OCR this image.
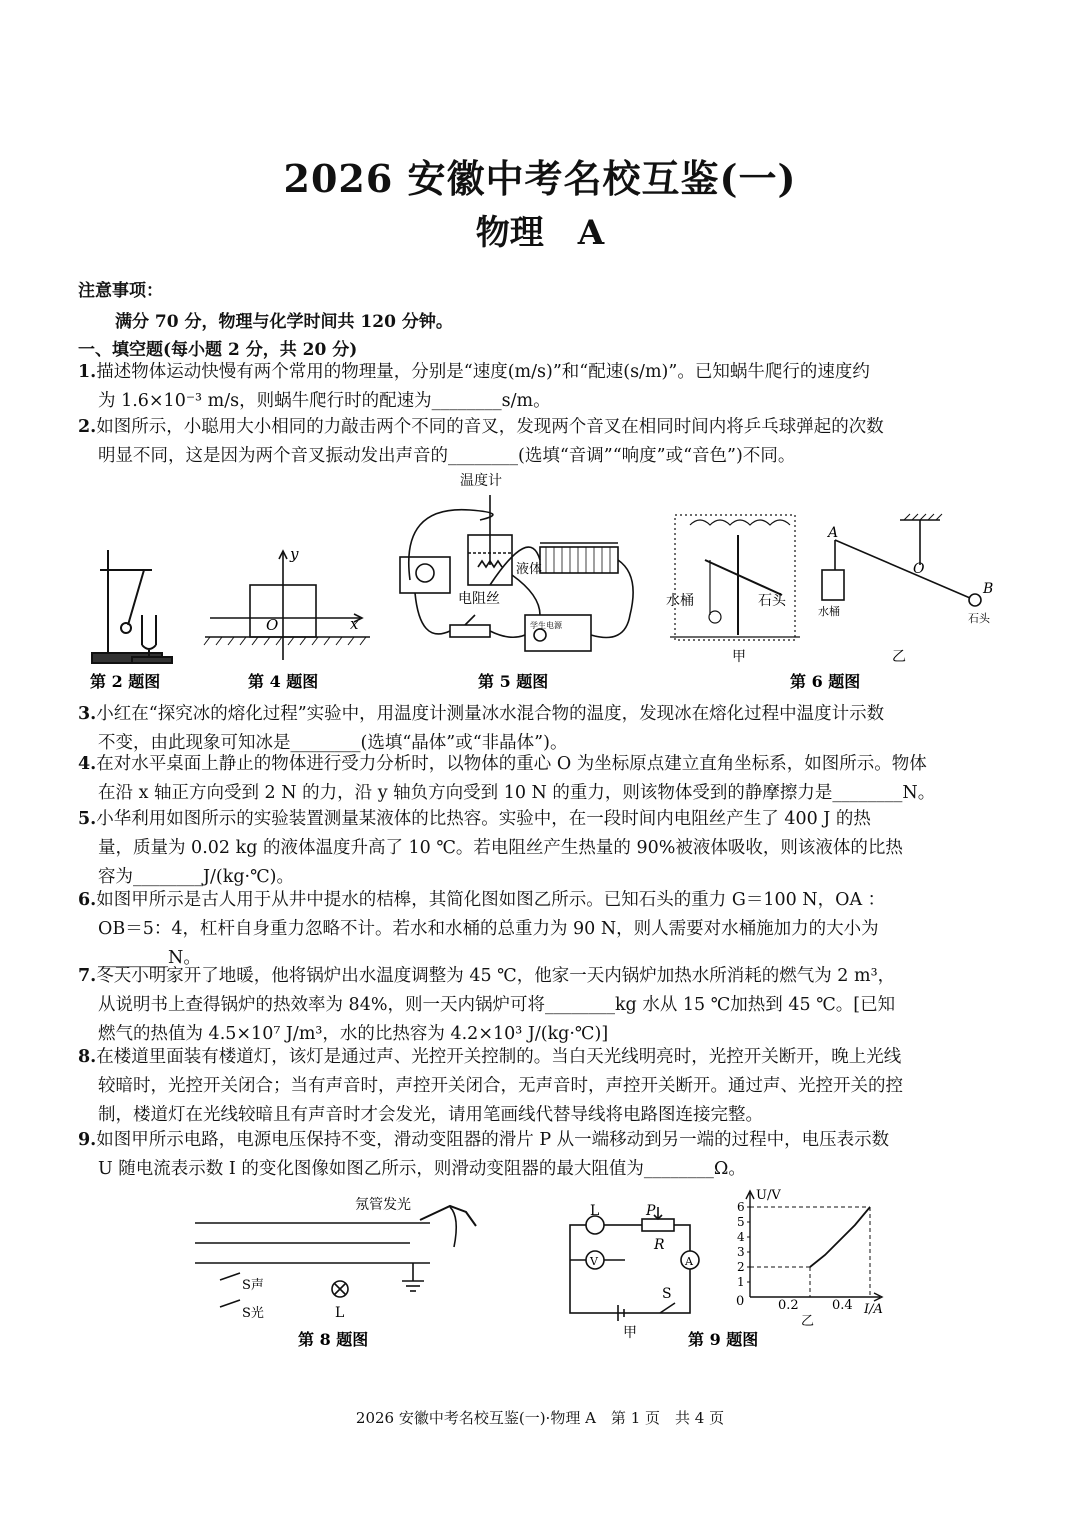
2026 安徽中考名校互鉴(一)
物理　A
注意事项：
满分 70 分，物理与化学时间共 120 分钟。
一、填空题(每小题 2 分，共 20 分)
1.描述物体运动快慢有两个常用的物理量，分别是“速度(m/s)”和“配速(s/m)”。已知蜗牛爬行的速度约
为 1.6×10⁻³ m/s，则蜗牛爬行时的配速为________s/m。
2.如图所示，小聪用大小相同的力敲击两个不同的音叉，发现两个音叉在相同时间内将乒乓球弹起的次数
明显不同，这是因为两个音叉振动发出声音的________(选填“音调”“响度”或“音色”)不同。
第 2 题图
y
x
O
第 4 题图
温度计
液体
电阻丝
学生电源
第 5 题图
水桶	石头
甲
A
O
B
水桶
石头
乙
第 6 题图
3.小红在“探究冰的熔化过程”实验中，用温度计测量冰水混合物的温度，发现冰在熔化过程中温度计示数
不变，由此现象可知冰是________(选填“晶体”或“非晶体”)。
4.在对水平桌面上静止的物体进行受力分析时，以物体的重心 O 为坐标原点建立直角坐标系，如图所示。物体
在沿 x 轴正方向受到 2 N 的力，沿 y 轴负方向受到 10 N 的重力，则该物体受到的静摩擦力是________N。
5.小华利用如图所示的实验装置测量某液体的比热容。实验中，在一段时间内电阻丝产生了 400 J 的热
量，质量为 0.02 kg 的液体温度升高了 10 ℃。若电阻丝产生热量的 90%被液体吸收，则该液体的比热
容为________J/(kg·℃)。
6.如图甲所示是古人用于从井中提水的桔槔，其简化图如图乙所示。已知石头的重力 G＝100 N，OA ：
OB＝5：4，杠杆自身重力忽略不计。若水和水桶的总重力为 90 N，则人需要对水桶施加力的大小为
________N。
7.冬天小明家开了地暖，他将锅炉出水温度调整为 45 ℃，他家一天内锅炉加热水所消耗的燃气为 2 m³，
从说明书上查得锅炉的热效率为 84%，则一天内锅炉可将________kg 水从 15 ℃加热到 45 ℃。[已知
燃气的热值为 4.5×10⁷ J/m³，水的比热容为 4.2×10³ J/(kg·℃)]
8.在楼道里面装有楼道灯，该灯是通过声、光控开关控制的。当白天光线明亮时，光控开关断开，晚上光线
较暗时，光控开关闭合；当有声音时，声控开关闭合，无声音时，声控开关断开。通过声、光控开关的控
制，楼道灯在光线较暗且有声音时才会发光，请用笔画线代替导线将电路图连接完整。
9.如图甲所示电路，电源电压保持不变，滑动变阻器的滑片 P 从一端移动到另一端的过程中，电压表示数
U 随电流表示数 I 的变化图像如图乙所示，则滑动变阻器的最大阻值为________Ω。
氖管发光
S声
S光	L
第 8 题图
L	P
R
V	A
S
甲
6
5
4
3
2
1
U/V
I/A
0	0.2	0.4
乙
第 9 题图
2026 安徽中考名校互鉴(一)·物理 A　第 1 页　共 4 页
